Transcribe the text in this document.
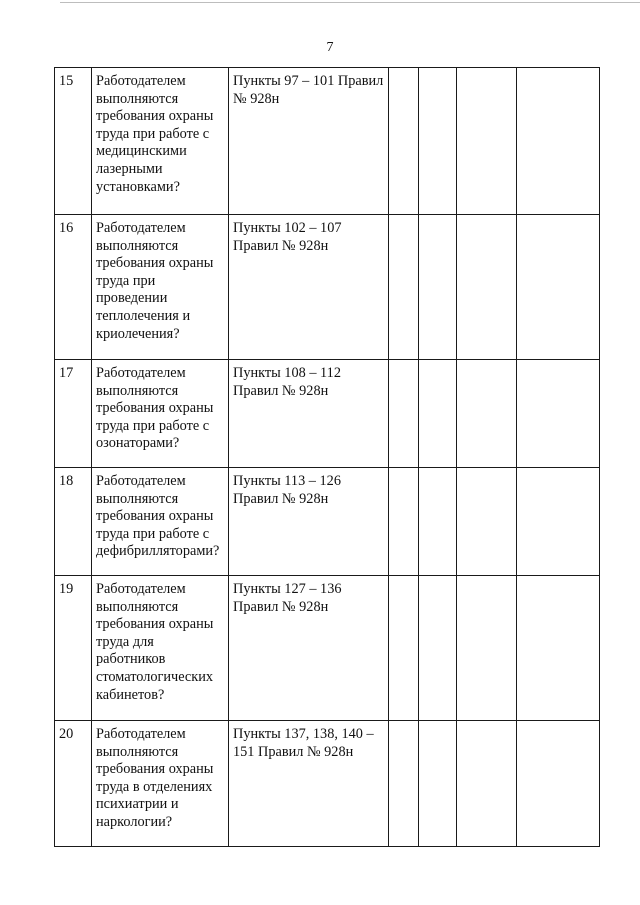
7
15	Работодателем выполняются требования охраны труда при работе с медицинскими лазерными установками?	Пункты 97 – 101 Правил № 928н				

16	Работодателем выполняются требования охраны труда при проведении теплолечения и криолечения?	Пункты 102 – 107 Правил № 928н				

17	Работодателем выполняются требования охраны труда при работе с озонаторами?	Пункты 108 – 112 Правил № 928н				

18	Работодателем выполняются требования охраны труда при работе с дефибрилляторами?	Пункты 113 – 126 Правил № 928н				

19	Работодателем выполняются требования охраны труда для работников стоматологических кабинетов?	Пункты 127 – 136 Правил № 928н				

20	Работодателем выполняются требования охраны труда в отделениях психиатрии и наркологии?	Пункты 137, 138, 140 – 151 Правил № 928н				
